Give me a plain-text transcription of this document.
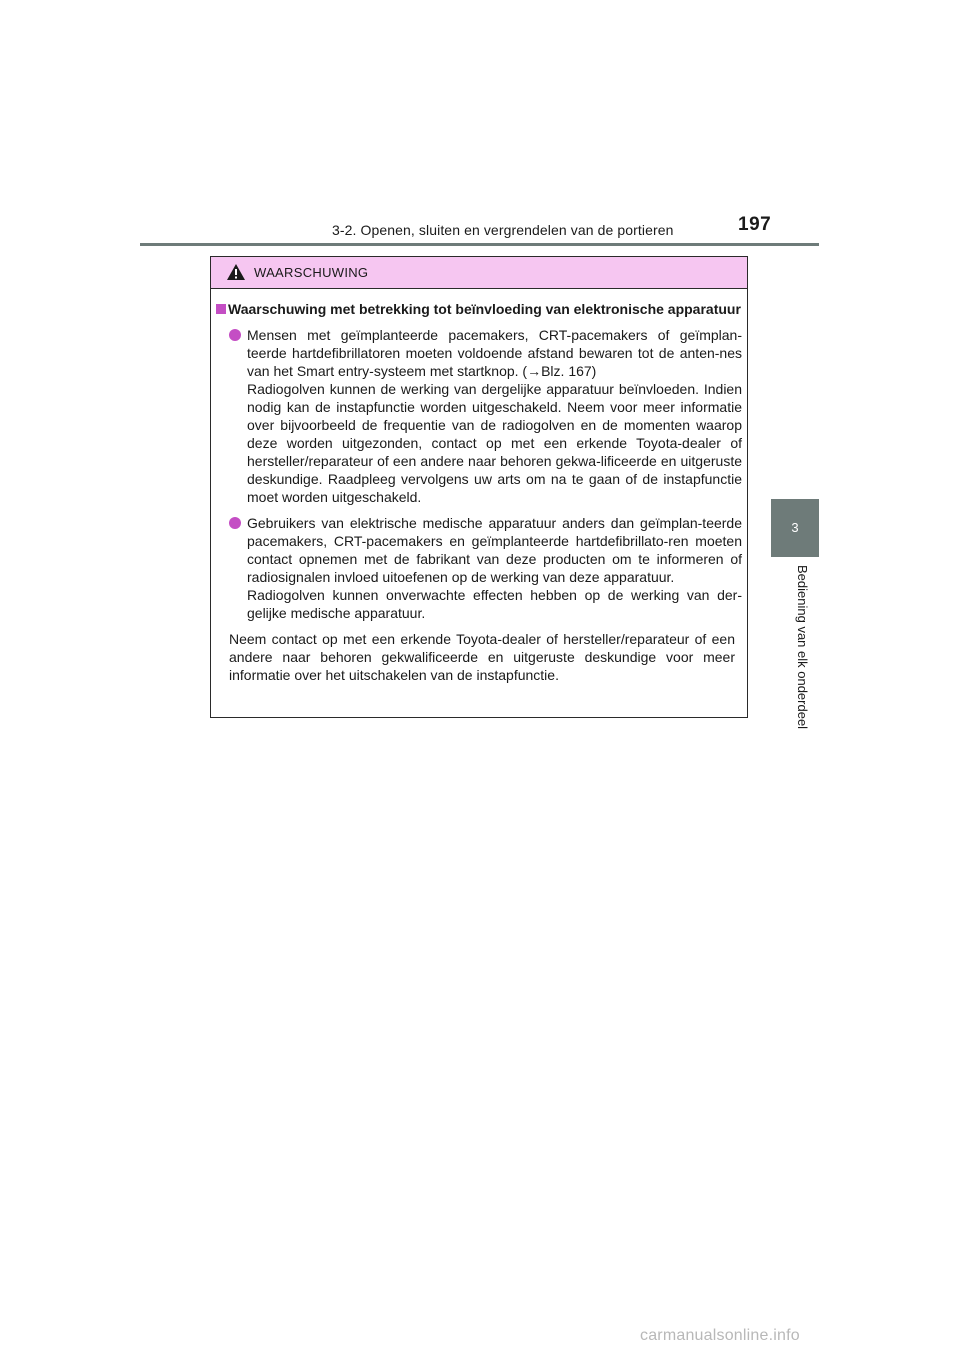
3-2. Openen, sluiten en vergrendelen van de portieren	197
3
Bediening van elk onderdeel
WAARSCHUWING
Waarschuwing met betrekking tot beïnvloeding van elektronische apparatuur
Mensen met geïmplanteerde pacemakers, CRT-pacemakers of geïmplan-teerde hartdefibrillatoren moeten voldoende afstand bewaren tot de anten-nes van het Smart entry-systeem met startknop. (→Blz. 167)
Radiogolven kunnen de werking van dergelijke apparatuur beïnvloeden. Indien nodig kan de instapfunctie worden uitgeschakeld. Neem voor meer informatie over bijvoorbeeld de frequentie van de radiogolven en de momenten waarop deze worden uitgezonden, contact op met een erkende Toyota-dealer of hersteller/reparateur of een andere naar behoren gekwa-lificeerde en uitgeruste deskundige. Raadpleeg vervolgens uw arts om na te gaan of de instapfunctie moet worden uitgeschakeld.
Gebruikers van elektrische medische apparatuur anders dan geïmplan-teerde pacemakers, CRT-pacemakers en geïmplanteerde hartdefibrillato-ren moeten contact opnemen met de fabrikant van deze producten om te informeren of radiosignalen invloed uitoefenen op de werking van deze apparatuur.
Radiogolven kunnen onverwachte effecten hebben op de werking van der-gelijke medische apparatuur.
Neem contact op met een erkende Toyota-dealer of hersteller/reparateur of een andere naar behoren gekwalificeerde en uitgeruste deskundige voor meer informatie over het uitschakelen van de instapfunctie.
carmanualsonline.info
